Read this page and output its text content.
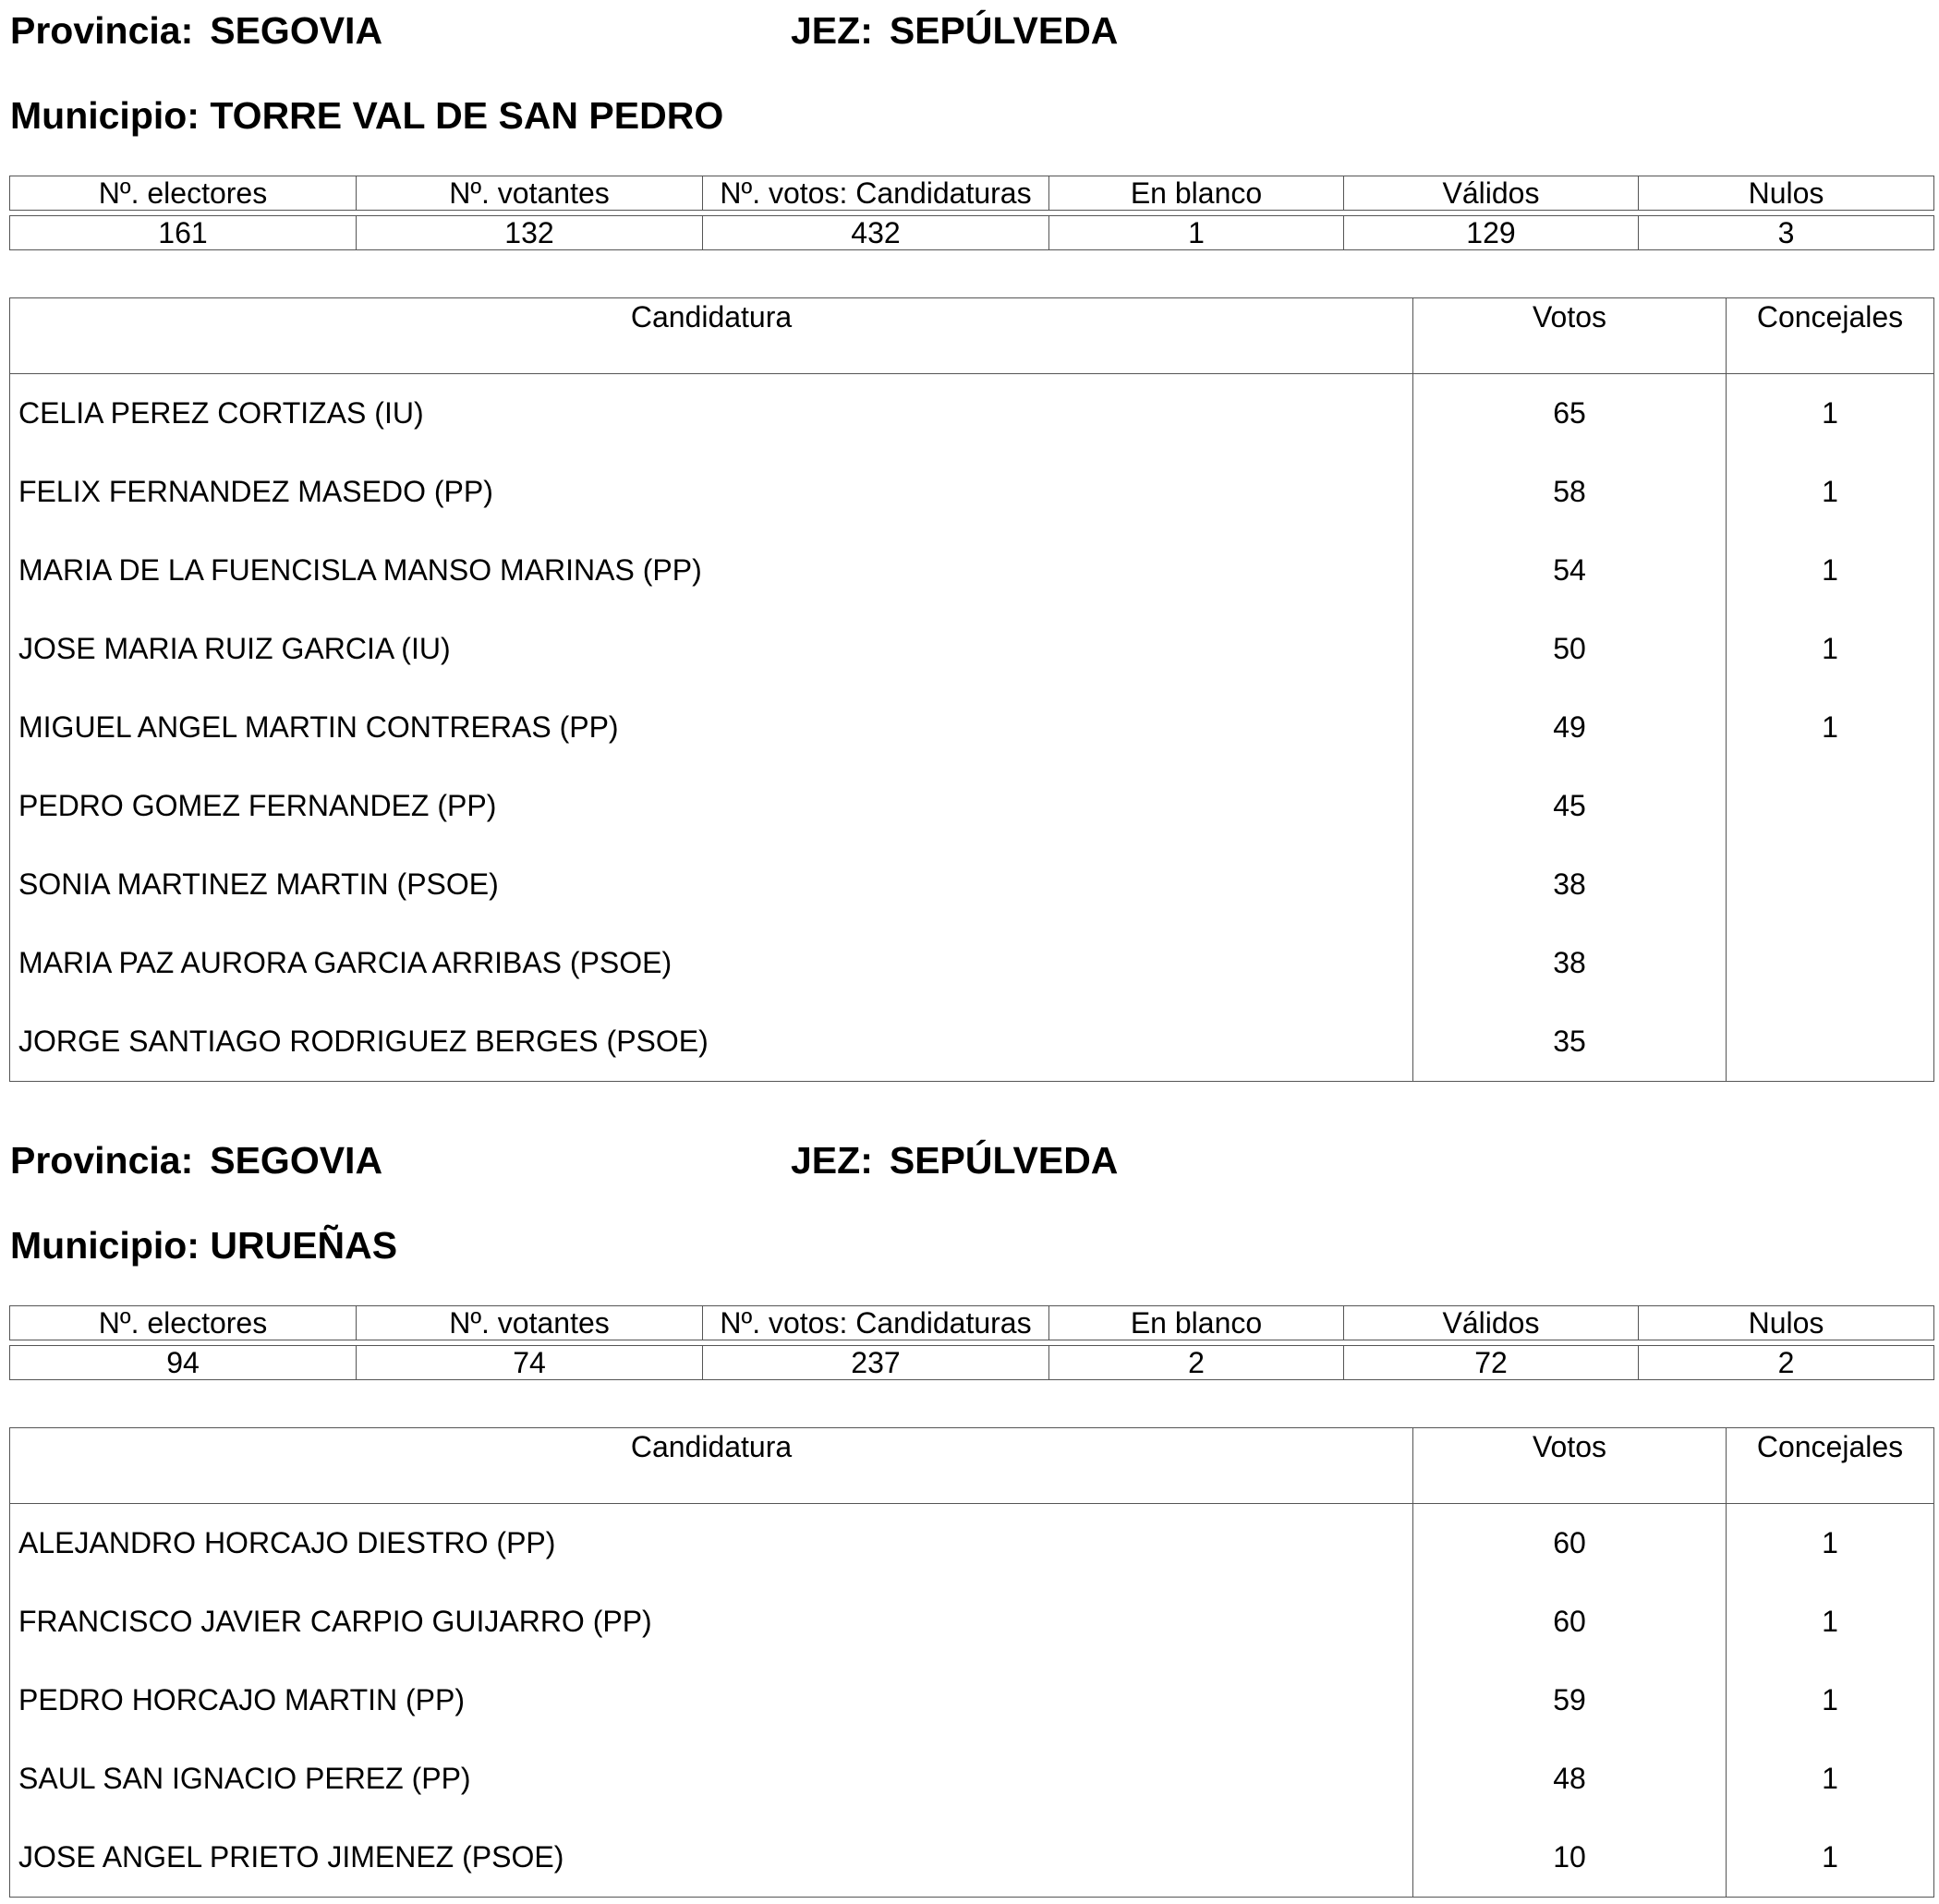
Provincia: SEGOVIA	JEZ: SEPÚLVEDA
Municipio: TORRE VAL DE SAN PEDRO
Nº. electores	Nº. votantes	Nº. votos: Candidaturas	En blanco	Válidos	Nulos
161	132	432	1	129	3
Candidatura	Votos	Concejales
CELIA PEREZ CORTIZAS (IU)	65	1
FELIX FERNANDEZ MASEDO (PP)	58	1
MARIA DE LA FUENCISLA MANSO MARINAS (PP)	54	1
JOSE MARIA RUIZ GARCIA (IU)	50	1
MIGUEL ANGEL MARTIN CONTRERAS (PP)	49	1
PEDRO GOMEZ FERNANDEZ (PP)	45	
SONIA MARTINEZ MARTIN (PSOE)	38	
MARIA PAZ AURORA GARCIA ARRIBAS (PSOE)	38	
JORGE SANTIAGO RODRIGUEZ BERGES (PSOE)	35	
Provincia: SEGOVIA	JEZ: SEPÚLVEDA
Municipio: URUEÑAS
Nº. electores	Nº. votantes	Nº. votos: Candidaturas	En blanco	Válidos	Nulos
94	74	237	2	72	2
Candidatura	Votos	Concejales
ALEJANDRO HORCAJO DIESTRO (PP)	60	1
FRANCISCO JAVIER CARPIO GUIJARRO (PP)	60	1
PEDRO HORCAJO MARTIN (PP)	59	1
SAUL SAN IGNACIO PEREZ (PP)	48	1
JOSE ANGEL PRIETO JIMENEZ (PSOE)	10	1
